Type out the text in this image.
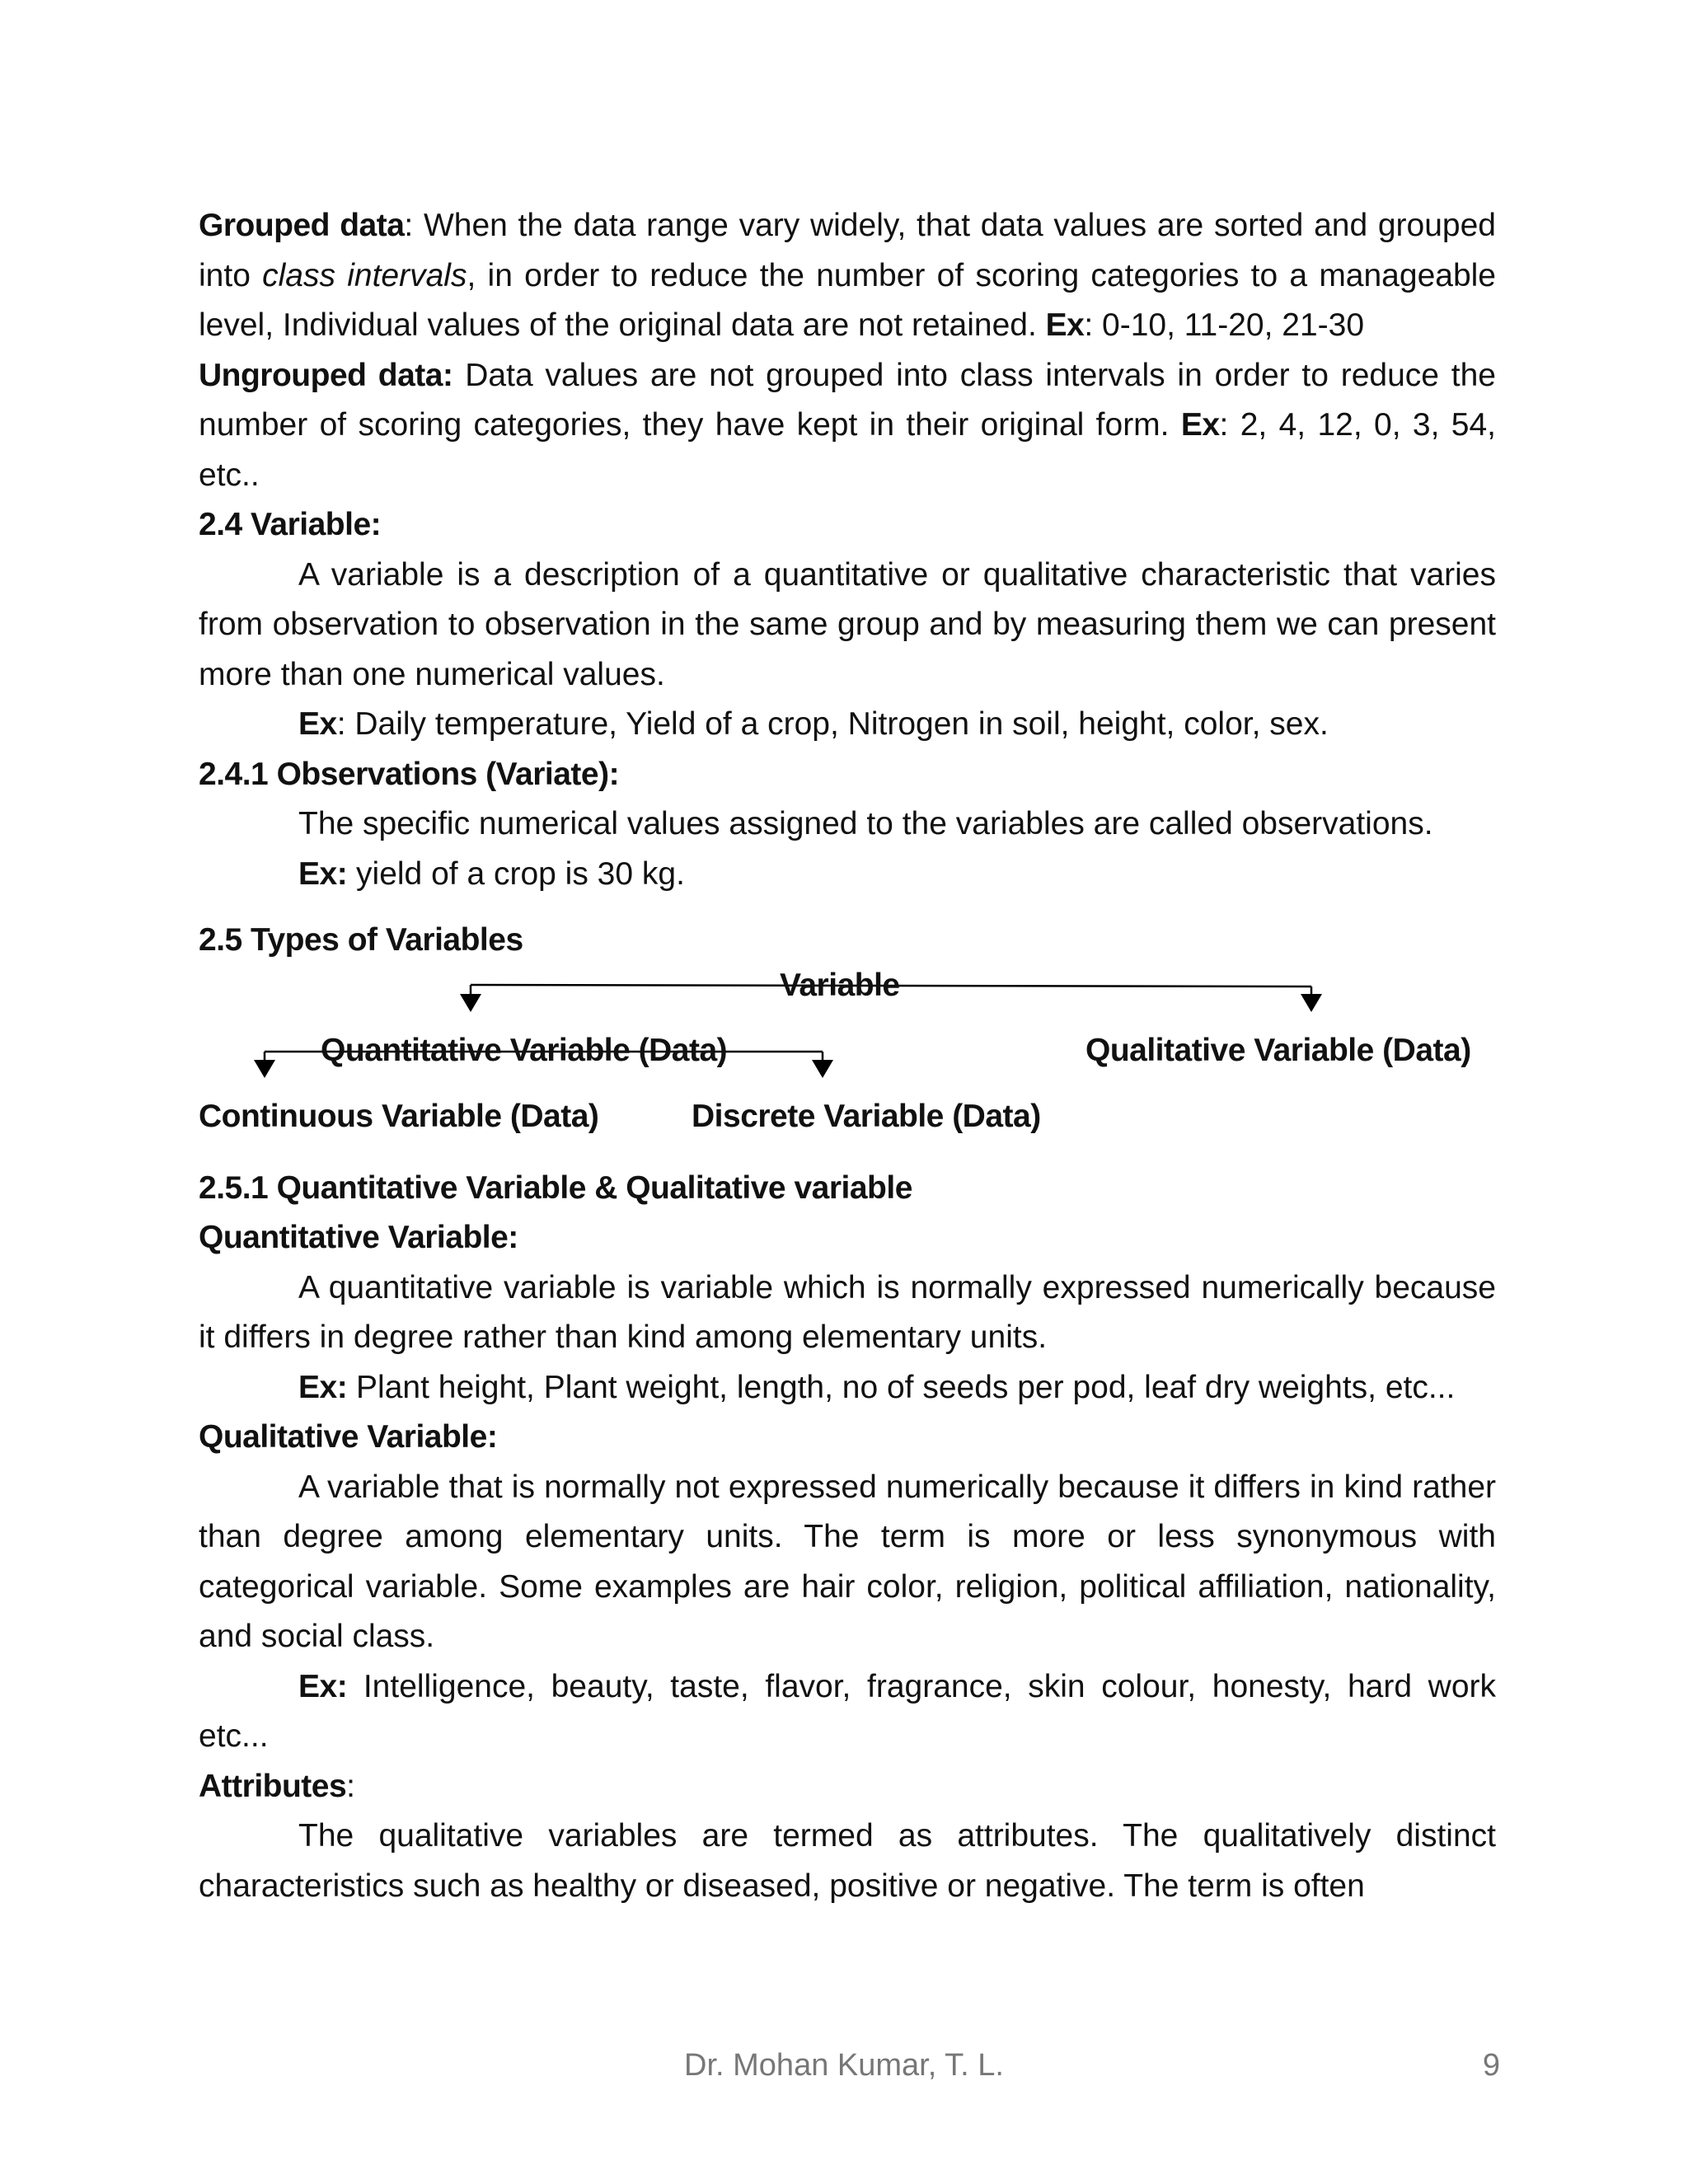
Grouped data: When the data range vary widely, that data values are sorted and grouped into class intervals, in order to reduce the number of scoring categories to a manageable level, Individual values of the original data are not retained. Ex: 0-10, 11-20, 21-30

Ungrouped data: Data values are not grouped into class intervals in order to reduce the number of scoring categories, they have kept in their original form. Ex: 2, 4, 12, 0, 3, 54, etc..

2.4 Variable:

A variable is a description of a quantitative or qualitative characteristic that varies from observation to observation in the same group and by measuring them we can present more than one numerical values.

Ex: Daily temperature, Yield of a crop, Nitrogen in soil, height, color, sex.

2.4.1 Observations (Variate):

The specific numerical values assigned to the variables are called observations.

Ex: yield of a crop is 30 kg.

2.5 Types of Variables

Variable
Quantitative Variable (Data)	Qualitative Variable (Data)
Continuous Variable (Data)	Discrete Variable (Data)

2.5.1 Quantitative Variable & Qualitative variable

Quantitative Variable:

A quantitative variable is variable which is normally expressed numerically because it differs in degree rather than kind among elementary units.

Ex: Plant height, Plant weight, length, no of seeds per pod, leaf dry weights, etc...

Qualitative Variable:

A variable that is normally not expressed numerically because it differs in kind rather than degree among elementary units. The term is more or less synonymous with categorical variable. Some examples are hair color, religion, political affiliation, nationality, and social class.

Ex: Intelligence, beauty, taste, flavor, fragrance, skin colour, honesty, hard work etc...

Attributes:

The qualitative variables are termed as attributes. The qualitatively distinct characteristics such as healthy or diseased, positive or negative. The term is often

Dr. Mohan Kumar, T. L.	9
